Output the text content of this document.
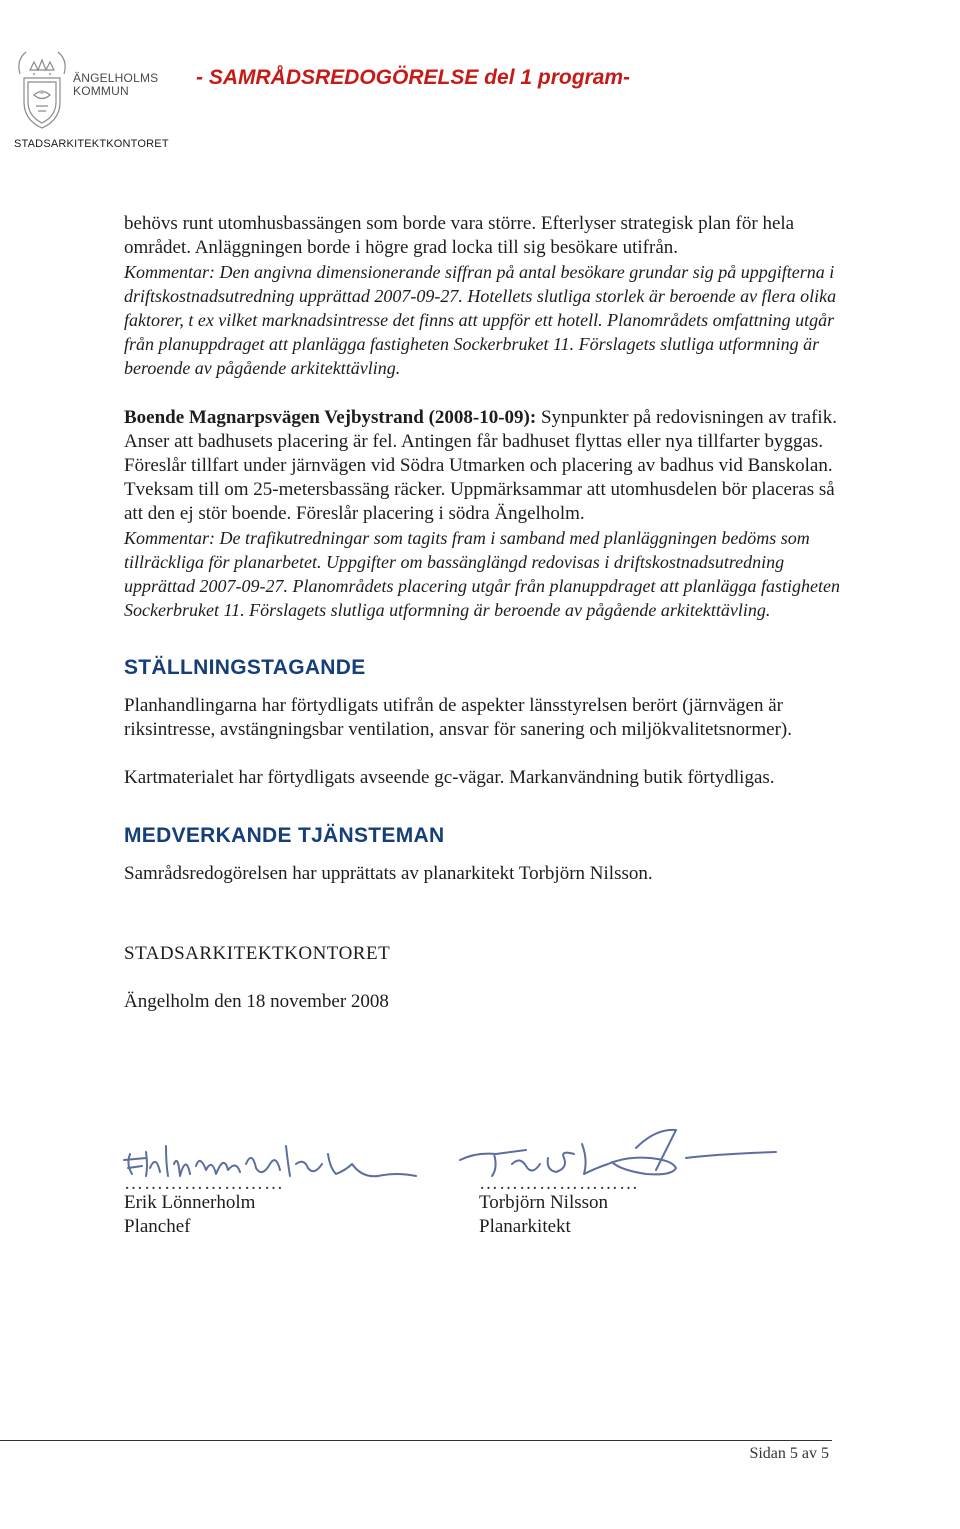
ÄNGELHOLMS
KOMMUN
- SAMRÅDSREDOGÖRELSE del 1 program-
STADSARKITEKTKONTORET

behövs runt utomhusbassängen som borde vara större. Efterlyser strategisk plan för hela området. Anläggningen borde i högre grad locka till sig besökare utifrån.

Kommentar: Den angivna dimensionerande siffran på antal besökare grundar sig på uppgifterna i driftskostnadsutredning upprättad 2007-09-27. Hotellets slutliga storlek är beroende av flera olika faktorer, t ex vilket marknadsintresse det finns att uppför ett hotell. Planområdets omfattning utgår från planuppdraget att planlägga fastigheten Sockerbruket 11. Förslagets slutliga utformning är beroende av pågående arkitekttävling.

Boende Magnarpsvägen Vejbystrand (2008-10-09): Synpunkter på redovisningen av trafik. Anser att badhusets placering är fel. Antingen får badhuset flyttas eller nya tillfarter byggas. Föreslår tillfart under järnvägen vid Södra Utmarken och placering av badhus vid Banskolan. Tveksam till om 25-metersbassäng räcker. Uppmärksammar att utomhusdelen bör placeras så att den ej stör boende. Föreslår placering i södra Ängelholm.

Kommentar: De trafikutredningar som tagits fram i samband med planläggningen bedöms som tillräckliga för planarbetet. Uppgifter om bassänglängd redovisas i driftskostnadsutredning upprättad 2007-09-27. Planområdets placering utgår från planuppdraget att planlägga fastigheten Sockerbruket 11. Förslagets slutliga utformning är beroende av pågående arkitekttävling.

STÄLLNINGSTAGANDE

Planhandlingarna har förtydligats utifrån de aspekter länsstyrelsen berört (järnvägen är riksintresse, avstängningsbar ventilation, ansvar för sanering och miljökvalitetsnormer).

Kartmaterialet har förtydligats avseende gc-vägar. Markanvändning butik förtydligas.

MEDVERKANDE TJÄNSTEMAN

Samrådsredogörelsen har upprättats av planarkitekt Torbjörn Nilsson.

STADSARKITEKTKONTORET

Ängelholm den 18 november 2008

……………………
Erik Lönnerholm
Planchef
……………………
Torbjörn Nilsson
Planarkitekt
Sidan 5 av 5
